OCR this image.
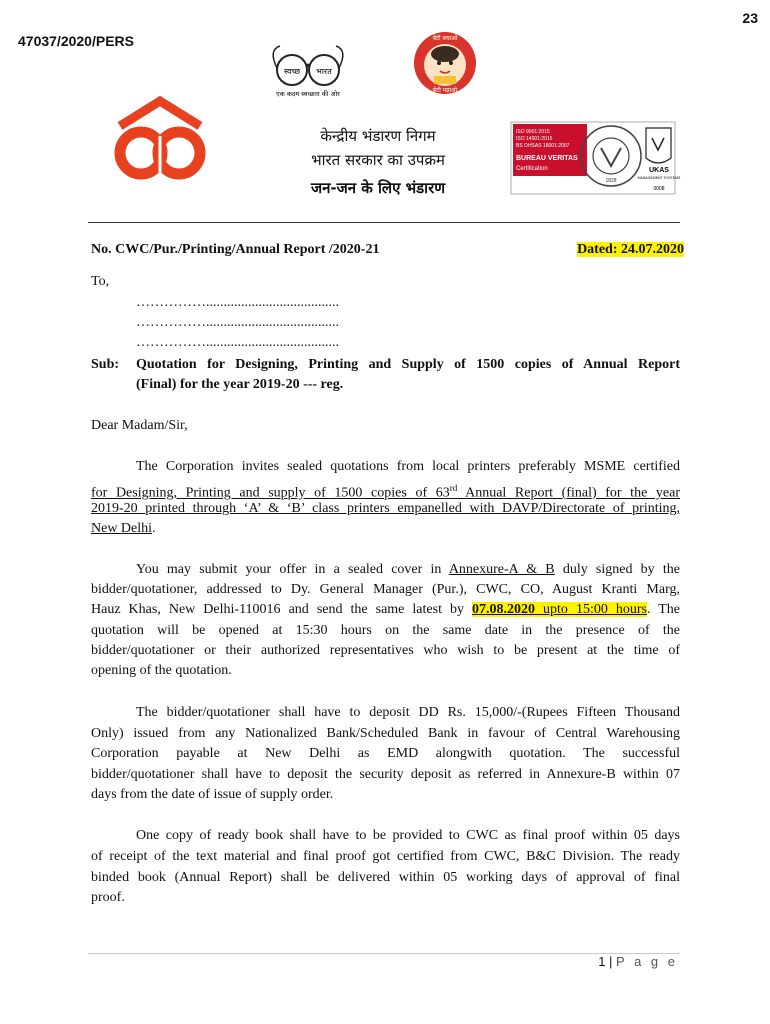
23
47037/2020/PERS
स्वच्छ भारत
एक कदम स्वच्छता की ओर
बेटी बचाओ
बेटी पढ़ाओ
केन्द्रीय भंडारण निगम
भारत सरकार का उपक्रम
जन-जन के लिए भंडारण
ISO 9001:2015
ISO 14001:2015
BS OHSAS 18001:2007
BUREAU VERITAS
Certification
1828
UKAS
MANAGEMENT SYSTEMS
0008
No. CWC/Pur./Printing/Annual Report /2020-21	Dated: 24.07.2020
To,
……………......................................
……………......................................
……………......................................
Sub: Quotation for Designing, Printing and Supply of 1500 copies of Annual Report
(Final) for the year 2019-20 --- reg.
Dear Madam/Sir,
The Corporation invites sealed quotations from local printers preferably MSME certified
for Designing, Printing and supply of 1500 copies of 63rd Annual Report (final) for the year
2019-20 printed through ‘A’ & ‘B’ class printers empanelled with DAVP/Directorate of printing,
New Delhi.
You may submit your offer in a sealed cover in Annexure-A & B duly signed by the
bidder/quotationer, addressed to Dy. General Manager (Pur.), CWC, CO, August Kranti Marg,
Hauz Khas, New Delhi-110016 and send the same latest by 07.08.2020 upto 15:00 hours. The
quotation will be opened at 15:30 hours on the same date in the presence of the
bidder/quotationer or their authorized representatives who wish to be present at the time of
opening of the quotation.
The bidder/quotationer shall have to deposit DD Rs. 15,000/-(Rupees Fifteen Thousand
Only) issued from any Nationalized Bank/Scheduled Bank in favour of Central Warehousing
Corporation payable at New Delhi as EMD alongwith quotation. The successful
bidder/quotationer shall have to deposit the security deposit as referred in Annexure-B within 07
days from the date of issue of supply order.
One copy of ready book shall have to be provided to CWC as final proof within 05 days
of receipt of the text material and final proof got certified from CWC, B&C Division. The ready
binded book (Annual Report) shall be delivered within 05 working days of approval of final
proof.
1 | P a g e
